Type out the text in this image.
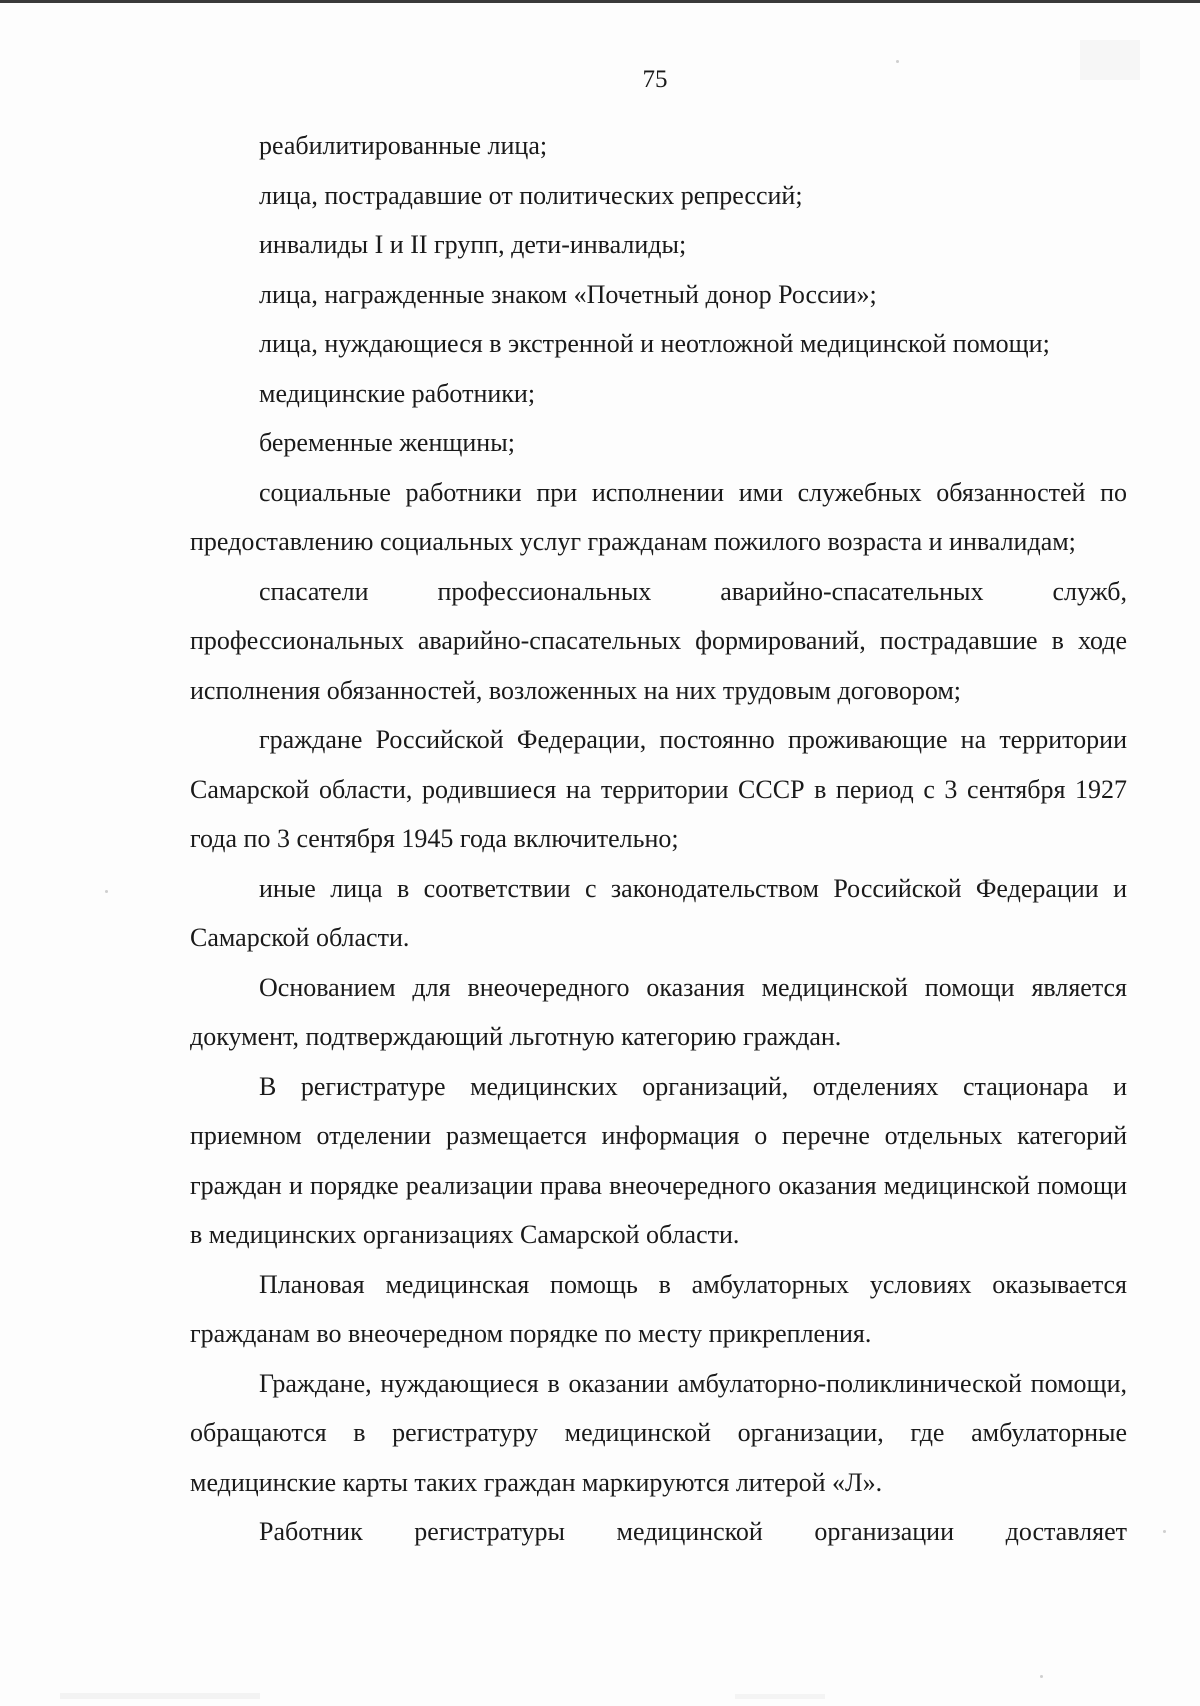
75

реабилитированные лица;

лица, пострадавшие от политических репрессий;

инвалиды I и II групп, дети-инвалиды;

лица, награжденные знаком «Почетный донор России»;

лица, нуждающиеся в экстренной и неотложной медицинской помощи;

медицинские работники;

беременные женщины;

социальные работники при исполнении ими служебных обязанностей по предоставлению социальных услуг гражданам пожилого возраста и инвалидам;

спасатели профессиональных аварийно-спасательных служб, профессиональных аварийно-спасательных формирований, пострадавшие в ходе исполнения обязанностей, возложенных на них трудовым договором;

граждане Российской Федерации, постоянно проживающие на территории Самарской области, родившиеся на территории СССР в период с 3 сентября 1927 года по 3 сентября 1945 года включительно;

иные лица в соответствии с законодательством Российской Федерации и Самарской области.

Основанием для внеочередного оказания медицинской помощи является документ, подтверждающий льготную категорию граждан.

В регистратуре медицинских организаций, отделениях стационара и приемном отделении размещается информация о перечне отдельных категорий граждан и порядке реализации права внеочередного оказания медицинской помощи в медицинских организациях Самарской области.

Плановая медицинская помощь в амбулаторных условиях оказывается гражданам во внеочередном порядке по месту прикрепления.

Граждане, нуждающиеся в оказании амбулаторно-поликлинической помощи, обращаются в регистратуру медицинской организации, где амбулаторные медицинские карты таких граждан маркируются литерой «Л».

Работник регистратуры медицинской организации доставляет
